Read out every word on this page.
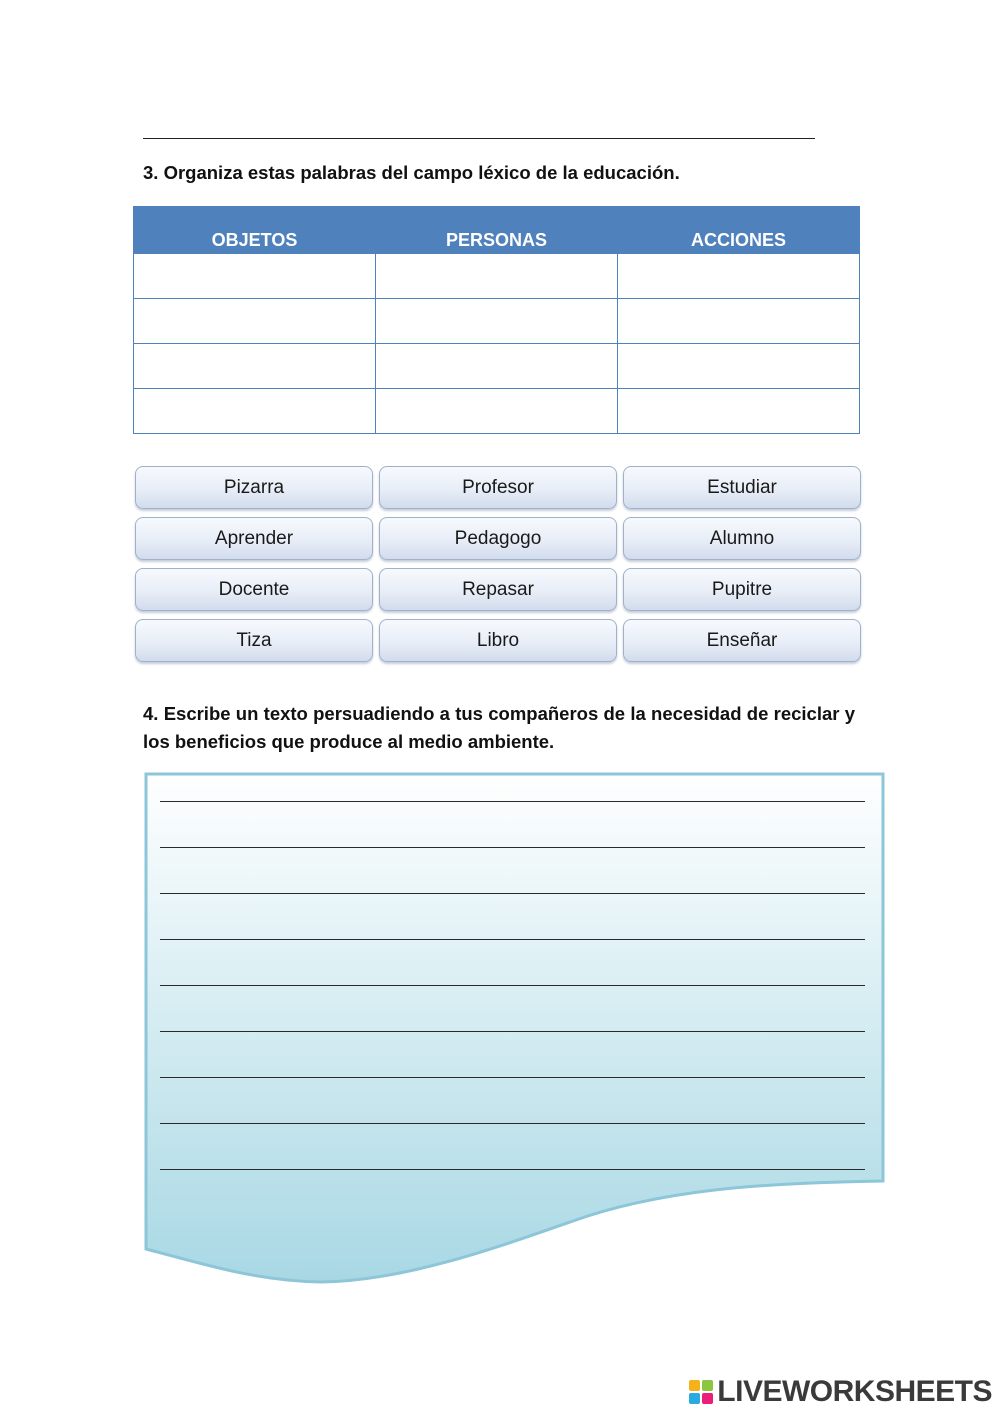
3. Organiza estas palabras del campo léxico de la educación.

OBJETOS	PERSONAS	ACCIONES

Pizarra	Profesor	Estudiar
Aprender	Pedagogo	Alumno
Docente	Repasar	Pupitre
Tiza	Libro	Enseñar

4. Escribe un texto persuadiendo a tus compañeros de la necesidad de reciclar y los beneficios que produce al medio ambiente.

LIVEWORKSHEETS
